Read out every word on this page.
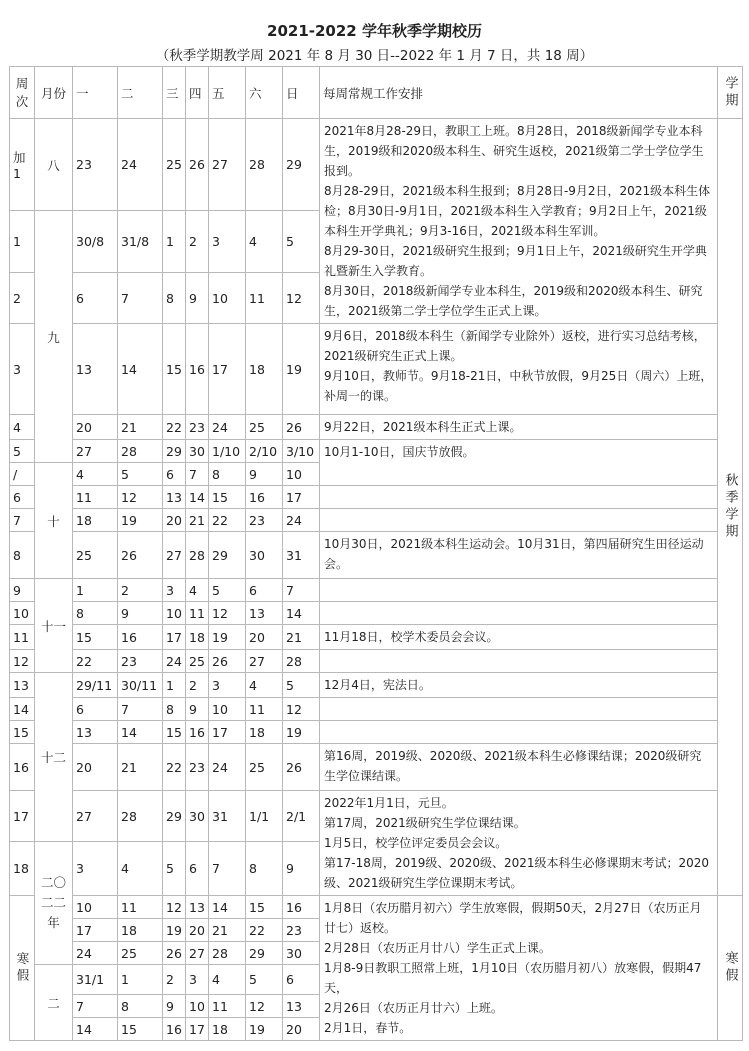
2021-2022 学年秋季学期校历
（秋季学期教学周 2021 年 8 月 30 日--2022 年 1 月 7 日，共 18 周）
周次	月份	一	二	三	四	五	六	日	每周常规工作安排	学期
加1	八	23	24	25	26	27	28	29	2021年8月28-29日，教职工上班。8月28日，2018级新闻学专业本科生，2019级和2020级本科生、研究生返校，2021级第二学士学位学生报到。
8月28-29日，2021级本科生报到；8月28日-9月2日，2021级本科生体检；8月30日-9月1日，2021级本科生入学教育；9月2日上午，2021级本科生开学典礼；9月3-16日，2021级本科生军训。
8月29-30日，2021级研究生报到；9月1日上午，2021级研究生开学典礼暨新生入学教育。
8月30日，2018级新闻学专业本科生，2019级和2020级本科生、研究生，2021级第二学士学位学生正式上课。	秋季学期
1	九	30/8	31/8	1	2	3	4	5		
2		6	7	8	9	10	11	12		
3		13	14	15	16	17	18	19	9月6日，2018级本科生（新闻学专业除外）返校，进行实习总结考核，2021级研究生正式上课。
9月10日，教师节。9月18-21日，中秋节放假，9月25日（周六）上班，补周一的课。	

4		20	21	22	23	24	25	26	9月22日，2021级本科生正式上课。	

5		27	28	29	30	1/10	2/10	3/10	10月1-10日，国庆节放假。	

/	十	4	5	6	7	8	9	10		
6		11	12	13	14	15	16	17		
7		18	19	20	21	22	23	24		
8		25	26	27	28	29	30	31	10月30日，2021级本科生运动会。10月31日，第四届研究生田径运动会。	

9	十一	1	2	3	4	5	6	7		
10		8	9	10	11	12	13	14		
11		15	16	17	18	19	20	21	11月18日，校学术委员会会议。	

12		22	23	24	25	26	27	28		
13	十二	29/11	30/11	1	2	3	4	5	12月4日，宪法日。	

14		6	7	8	9	10	11	12		
15		13	14	15	16	17	18	19		
16		20	21	22	23	24	25	26	第16周，2019级、2020级、2021级本科生必修课结课；2020级研究生学位课结课。	

17		27	28	29	30	31	1/1	2/1	2022年1月1日，元旦。
第17周，2021级研究生学位课结课。
1月5日，校学位评定委员会会议。
第17-18周，2019级、2020级、2021级本科生必修课期末考试；2020级、2021级研究生学位课期末考试。	

18	二〇二二年	3	4	5	6	7	8	9		
寒假		10	11	12	13	14	15	16	1月8日（农历腊月初六）学生放寒假，假期50天，2月27日（农历正月廿七）返校。
2月28日（农历正月廿八）学生正式上课。
1月8-9日教职工照常上班，1月10日（农历腊月初八）放寒假，假期47天，
2月26日（农历正月廿六）上班。
2月1日，春节。	寒假
		17	18	19	20	21	22	23		
		24	25	26	27	28	29	30		
	二	31/1	1	2	3	4	5	6		
		7	8	9	10	11	12	13		
		14	15	16	17	18	19	20		
